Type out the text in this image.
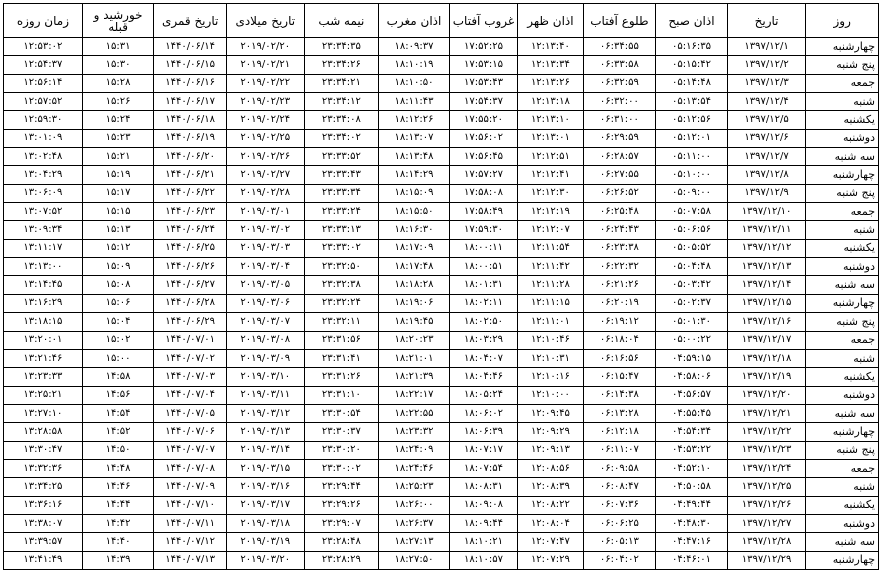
روز	تاریخ	اذان صبح	طلوع آفتاب	اذان ظهر	غروب آفتاب	اذان مغرب	نیمه شب	تاریخ میلادی	تاریخ قمری	خورشید و قبله	زمان روزه
چهارشنبه	۱۳۹۷/۱۲/۱	۰۵:۱۶:۳۵	۰۶:۳۴:۵۵	۱۲:۱۳:۴۰	۱۷:۵۲:۲۵	۱۸:۰۹:۳۷	۲۳:۳۴:۳۵	۲۰۱۹/۰۲/۲۰	۱۴۴۰/۰۶/۱۴	۱۵:۳۱	۱۲:۵۳:۰۲
پنج شنبه	۱۳۹۷/۱۲/۲	۰۵:۱۵:۴۲	۰۶:۳۳:۵۸	۱۲:۱۳:۳۴	۱۷:۵۳:۱۵	۱۸:۱۰:۱۹	۲۳:۳۴:۲۶	۲۰۱۹/۰۲/۲۱	۱۴۴۰/۰۶/۱۵	۱۵:۳۰	۱۲:۵۴:۳۷
جمعه	۱۳۹۷/۱۲/۳	۰۵:۱۴:۴۸	۰۶:۳۲:۵۹	۱۲:۱۳:۲۶	۱۷:۵۳:۴۳	۱۸:۱۰:۵۰	۲۳:۳۴:۲۱	۲۰۱۹/۰۲/۲۲	۱۴۴۰/۰۶/۱۶	۱۵:۲۸	۱۲:۵۶:۱۴
شنبه	۱۳۹۷/۱۲/۴	۰۵:۱۳:۵۴	۰۶:۳۲:۰۰	۱۲:۱۳:۱۸	۱۷:۵۴:۳۷	۱۸:۱۱:۴۳	۲۳:۳۴:۱۲	۲۰۱۹/۰۲/۲۳	۱۴۴۰/۰۶/۱۷	۱۵:۲۶	۱۲:۵۷:۵۲
یکشنبه	۱۳۹۷/۱۲/۵	۰۵:۱۲:۵۶	۰۶:۳۱:۰۰	۱۲:۱۳:۱۰	۱۷:۵۵:۲۰	۱۸:۱۲:۲۶	۲۳:۳۴:۰۸	۲۰۱۹/۰۲/۲۴	۱۴۴۰/۰۶/۱۸	۱۵:۲۴	۱۲:۵۹:۳۰
دوشنبه	۱۳۹۷/۱۲/۶	۰۵:۱۲:۰۱	۰۶:۲۹:۵۹	۱۲:۱۳:۰۱	۱۷:۵۶:۰۲	۱۸:۱۳:۰۷	۲۳:۳۴:۰۲	۲۰۱۹/۰۲/۲۵	۱۴۴۰/۰۶/۱۹	۱۵:۲۳	۱۳:۰۱:۰۹
سه شنبه	۱۳۹۷/۱۲/۷	۰۵:۱۱:۰۰	۰۶:۲۸:۵۷	۱۲:۱۲:۵۱	۱۷:۵۶:۴۵	۱۸:۱۳:۴۸	۲۳:۳۳:۵۲	۲۰۱۹/۰۲/۲۶	۱۴۴۰/۰۶/۲۰	۱۵:۲۱	۱۳:۰۲:۴۸
چهارشنبه	۱۳۹۷/۱۲/۸	۰۵:۱۰:۰۰	۰۶:۲۷:۵۵	۱۲:۱۲:۴۱	۱۷:۵۷:۲۷	۱۸:۱۴:۲۹	۲۳:۳۳:۴۳	۲۰۱۹/۰۲/۲۷	۱۴۴۰/۰۶/۲۱	۱۵:۱۹	۱۳:۰۴:۲۹
پنج شنبه	۱۳۹۷/۱۲/۹	۰۵:۰۹:۰۰	۰۶:۲۶:۵۲	۱۲:۱۲:۳۰	۱۷:۵۸:۰۸	۱۸:۱۵:۰۹	۲۳:۳۳:۳۴	۲۰۱۹/۰۲/۲۸	۱۴۴۰/۰۶/۲۲	۱۵:۱۷	۱۳:۰۶:۰۹
جمعه	۱۳۹۷/۱۲/۱۰	۰۵:۰۷:۵۸	۰۶:۲۵:۴۸	۱۲:۱۲:۱۹	۱۷:۵۸:۴۹	۱۸:۱۵:۵۰	۲۳:۳۳:۲۴	۲۰۱۹/۰۳/۰۱	۱۴۴۰/۰۶/۲۳	۱۵:۱۵	۱۳:۰۷:۵۲
شنبه	۱۳۹۷/۱۲/۱۱	۰۵:۰۶:۵۶	۰۶:۲۴:۴۳	۱۲:۱۲:۰۷	۱۷:۵۹:۳۰	۱۸:۱۶:۳۰	۲۳:۳۳:۱۳	۲۰۱۹/۰۳/۰۲	۱۴۴۰/۰۶/۲۴	۱۵:۱۳	۱۳:۰۹:۳۴
یکشنبه	۱۳۹۷/۱۲/۱۲	۰۵:۰۵:۵۲	۰۶:۲۳:۳۸	۱۲:۱۱:۵۴	۱۸:۰۰:۱۱	۱۸:۱۷:۰۹	۲۳:۳۳:۰۲	۲۰۱۹/۰۳/۰۳	۱۴۴۰/۰۶/۲۵	۱۵:۱۲	۱۳:۱۱:۱۷
دوشنبه	۱۳۹۷/۱۲/۱۳	۰۵:۰۴:۴۸	۰۶:۲۲:۳۲	۱۲:۱۱:۴۲	۱۸:۰۰:۵۱	۱۸:۱۷:۴۸	۲۳:۳۲:۵۰	۲۰۱۹/۰۳/۰۴	۱۴۴۰/۰۶/۲۶	۱۵:۰۹	۱۳:۱۳:۰۰
سه شنبه	۱۳۹۷/۱۲/۱۴	۰۵:۰۳:۴۲	۰۶:۲۱:۲۶	۱۲:۱۱:۲۸	۱۸:۰۱:۳۱	۱۸:۱۸:۲۸	۲۳:۳۲:۳۸	۲۰۱۹/۰۳/۰۵	۱۴۴۰/۰۶/۲۷	۱۵:۰۸	۱۳:۱۴:۴۵
چهارشنبه	۱۳۹۷/۱۲/۱۵	۰۵:۰۲:۳۷	۰۶:۲۰:۱۹	۱۲:۱۱:۱۵	۱۸:۰۲:۱۱	۱۸:۱۹:۰۶	۲۳:۳۲:۲۴	۲۰۱۹/۰۳/۰۶	۱۴۴۰/۰۶/۲۸	۱۵:۰۶	۱۳:۱۶:۲۹
پنج شنبه	۱۳۹۷/۱۲/۱۶	۰۵:۰۱:۳۰	۰۶:۱۹:۱۲	۱۲:۱۱:۰۱	۱۸:۰۲:۵۰	۱۸:۱۹:۴۵	۲۳:۳۲:۱۱	۲۰۱۹/۰۳/۰۷	۱۴۴۰/۰۶/۲۹	۱۵:۰۴	۱۳:۱۸:۱۵
جمعه	۱۳۹۷/۱۲/۱۷	۰۵:۰۰:۲۲	۰۶:۱۸:۰۴	۱۲:۱۰:۴۶	۱۸:۰۳:۲۹	۱۸:۲۰:۲۳	۲۳:۳۱:۵۶	۲۰۱۹/۰۳/۰۸	۱۴۴۰/۰۷/۰۱	۱۵:۰۲	۱۳:۲۰:۰۱
شنبه	۱۳۹۷/۱۲/۱۸	۰۴:۵۹:۱۵	۰۶:۱۶:۵۶	۱۲:۱۰:۳۱	۱۸:۰۴:۰۷	۱۸:۲۱:۰۱	۲۳:۳۱:۴۱	۲۰۱۹/۰۳/۰۹	۱۴۴۰/۰۷/۰۲	۱۵:۰۰	۱۳:۲۱:۴۶
یکشنبه	۱۳۹۷/۱۲/۱۹	۰۴:۵۸:۰۶	۰۶:۱۵:۴۷	۱۲:۱۰:۱۶	۱۸:۰۴:۴۶	۱۸:۲۱:۳۹	۲۳:۳۱:۲۶	۲۰۱۹/۰۳/۱۰	۱۴۴۰/۰۷/۰۳	۱۴:۵۸	۱۳:۲۳:۳۳
دوشنبه	۱۳۹۷/۱۲/۲۰	۰۴:۵۶:۵۷	۰۶:۱۴:۳۸	۱۲:۱۰:۰۰	۱۸:۰۵:۲۴	۱۸:۲۲:۱۷	۲۳:۳۱:۱۰	۲۰۱۹/۰۳/۱۱	۱۴۴۰/۰۷/۰۴	۱۴:۵۶	۱۳:۲۵:۲۱
سه شنبه	۱۳۹۷/۱۲/۲۱	۰۴:۵۵:۴۵	۰۶:۱۳:۲۸	۱۲:۰۹:۴۵	۱۸:۰۶:۰۲	۱۸:۲۲:۵۵	۲۳:۳۰:۵۴	۲۰۱۹/۰۳/۱۲	۱۴۴۰/۰۷/۰۵	۱۴:۵۴	۱۳:۲۷:۱۰
چهارشنبه	۱۳۹۷/۱۲/۲۲	۰۴:۵۴:۳۴	۰۶:۱۲:۱۸	۱۲:۰۹:۲۹	۱۸:۰۶:۳۹	۱۸:۲۳:۳۲	۲۳:۳۰:۳۷	۲۰۱۹/۰۳/۱۳	۱۴۴۰/۰۷/۰۶	۱۴:۵۲	۱۳:۲۸:۵۸
پنج شنبه	۱۳۹۷/۱۲/۲۳	۰۴:۵۳:۲۲	۰۶:۱۱:۰۷	۱۲:۰۹:۱۳	۱۸:۰۷:۱۷	۱۸:۲۴:۰۹	۲۳:۳۰:۲۰	۲۰۱۹/۰۳/۱۴	۱۴۴۰/۰۷/۰۷	۱۴:۵۰	۱۳:۳۰:۴۷
جمعه	۱۳۹۷/۱۲/۲۴	۰۴:۵۲:۱۰	۰۶:۰۹:۵۸	۱۲:۰۸:۵۶	۱۸:۰۷:۵۴	۱۸:۲۴:۴۶	۲۳:۳۰:۰۲	۲۰۱۹/۰۳/۱۵	۱۴۴۰/۰۷/۰۸	۱۴:۴۸	۱۳:۳۲:۳۶
شنبه	۱۳۹۷/۱۲/۲۵	۰۴:۵۰:۵۸	۰۶:۰۸:۴۷	۱۲:۰۸:۳۹	۱۸:۰۸:۳۱	۱۸:۲۵:۲۳	۲۳:۲۹:۴۴	۲۰۱۹/۰۳/۱۶	۱۴۴۰/۰۷/۰۹	۱۴:۴۶	۱۳:۳۴:۲۵
یکشنبه	۱۳۹۷/۱۲/۲۶	۰۴:۴۹:۴۴	۰۶:۰۷:۳۶	۱۲:۰۸:۲۲	۱۸:۰۹:۰۸	۱۸:۲۶:۰۰	۲۳:۲۹:۲۶	۲۰۱۹/۰۳/۱۷	۱۴۴۰/۰۷/۱۰	۱۴:۴۴	۱۳:۳۶:۱۶
دوشنبه	۱۳۹۷/۱۲/۲۷	۰۴:۴۸:۳۰	۰۶:۰۶:۲۵	۱۲:۰۸:۰۴	۱۸:۰۹:۴۴	۱۸:۲۶:۳۷	۲۳:۲۹:۰۷	۲۰۱۹/۰۳/۱۸	۱۴۴۰/۰۷/۱۱	۱۴:۴۲	۱۳:۳۸:۰۷
سه شنبه	۱۳۹۷/۱۲/۲۸	۰۴:۴۷:۱۶	۰۶:۰۵:۱۳	۱۲:۰۷:۴۷	۱۸:۱۰:۲۱	۱۸:۲۷:۱۳	۲۳:۲۸:۴۸	۲۰۱۹/۰۳/۱۹	۱۴۴۰/۰۷/۱۲	۱۴:۴۰	۱۳:۳۹:۵۷
چهارشنبه	۱۳۹۷/۱۲/۲۹	۰۴:۴۶:۰۱	۰۶:۰۴:۰۲	۱۲:۰۷:۲۹	۱۸:۱۰:۵۷	۱۸:۲۷:۵۰	۲۳:۲۸:۲۹	۲۰۱۹/۰۳/۲۰	۱۴۴۰/۰۷/۱۳	۱۴:۳۹	۱۳:۴۱:۴۹
